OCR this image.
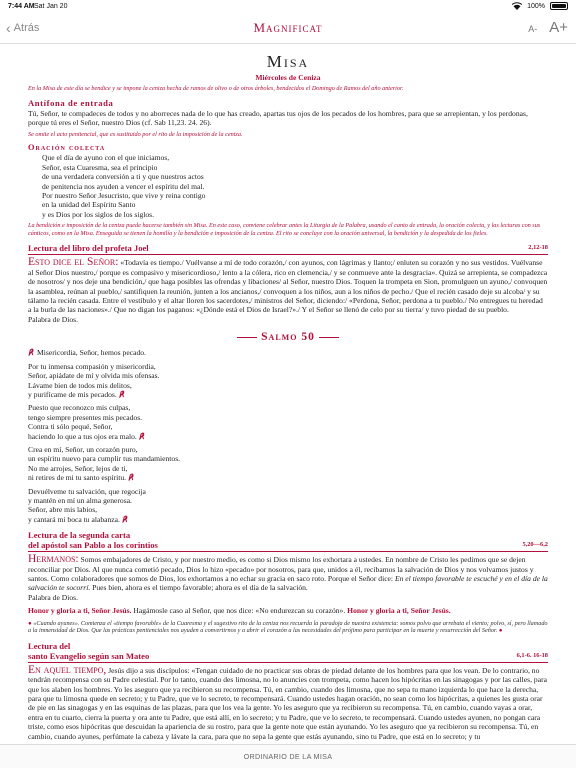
7:44 AM Sat Jan 20	100%
‹ Atrás	Magnificat	A- A+
Misa
Miércoles de Ceniza
En la Misa de este día se bendice y se impone la ceniza hecha de ramos de olivo o de otros árboles, bendecidos el Domingo de Ramos del año anterior.
Antífona de entrada
Tú, Señor, te compadeces de todos y no aborreces nada de lo que has creado, apartas tus ojos de los pecados de los hombres, para que se arrepientan, y los perdonas, porque tú eres el Señor, nuestro Dios (cf. Sab 11,23. 24. 26).
Se omite el acto penitencial, que es sustituido por el rito de la imposición de la ceniza.
Oración colecta
Que el día de ayuno con el que iniciamos,
Señor, esta Cuaresma, sea el principio
de una verdadera conversión a ti y que nuestros actos
de penitencia nos ayuden a vencer el espíritu del mal.
Por nuestro Señor Jesucristo, que vive y reina contigo
en la unidad del Espíritu Santo
y es Dios por los siglos de los siglos.
La bendición e imposición de la ceniza puede hacerse también sin Misa. En este caso, conviene celebrar antes la Liturgia de la Palabra, usando el canto de entrada, la oración colecta, y las lecturas con sus cánticos, como en la Misa. Enseguida se tienen la homilía y la bendición e imposición de la ceniza. El rito se concluye con la oración universal, la bendición y la despedida de los fieles.
Lectura del libro del profeta Joel	2,12-18
Esto dice el Señor: «Todavía es tiempo./ Vuélvanse a mí de todo corazón,/ con ayunos, con lágrimas y llanto;/ enluten su corazón y no sus vestidos. Vuélvanse al Señor Dios nuestro,/ porque es compasivo y misericordioso,/ lento a la cólera, rico en clemencia,/ y se conmueve ante la desgracia». Quizá se arrepienta, se compadezca de nosotros/ y nos deje una bendición,/ que haga posibles las ofrendas y libaciones/ al Señor, nuestro Dios. Toquen la trompeta en Sion, promulguen un ayuno,/ convoquen la asamblea, reúnan al pueblo,/ santifiquen la reunión, junten a los ancianos,/ convoquen a los niños, aun a los niños de pecho./ Que el recién casado deje su alcoba/ y su tálamo la recién casada. Entre el vestíbulo y el altar lloren los sacerdotes,/ ministros del Señor, diciendo:/ «Perdona, Señor, perdona a tu pueblo./ No entregues tu heredad a la burla de las naciones»./ Que no digan los paganos: «¿Dónde está el Dios de Israel?»./ Y el Señor se llenó de celo por su tierra/ y tuvo piedad de su pueblo.
Palabra de Dios.
Salmo 50
℟ Misericordia, Señor, hemos pecado.
Por tu inmensa compasión y misericordia,
Señor, apiádate de mí y olvida mis ofensas.
Lávame bien de todos mis delitos,
y purifícame de mis pecados. ℟
Puesto que reconozco mis culpas,
tengo siempre presentes mis pecados.
Contra ti sólo pequé, Señor,
haciendo lo que a tus ojos era malo. ℟
Crea en mí, Señor, un corazón puro,
un espíritu nuevo para cumplir tus mandamientos.
No me arrojes, Señor, lejos de ti,
ni retires de mi tu santo espíritu. ℟
Devuélveme tu salvación, que regocija
y mantén en mí un alma generosa.
Señor, abre mis labios,
y cantará mi boca tu alabanza. ℟
Lectura de la segunda carta
del apóstol san Pablo a los corintios	5,20—6,2
Hermanos: Somos embajadores de Cristo, y por nuestro medio, es como si Dios mismo los exhortara a ustedes. En nombre de Cristo les pedimos que se dejen reconciliar por Dios. Al que nunca cometió pecado, Dios lo hizo «pecado» por nosotros, para que, unidos a él, recibamos la salvación de Dios y nos volvamos justos y santos. Como colaboradores que somos de Dios, los exhortamos a no echar su gracia en saco roto. Porque el Señor dice: En el tiempo favorable te escuché y en el día de la salvación te socorrí. Pues bien, ahora es el tiempo favorable; ahora es el día de la salvación.
Palabra de Dios.
Honor y gloria a ti, Señor Jesús. Hagámosle caso al Señor, que nos dice: «No endurezcan su corazón». Honor y gloria a ti, Señor Jesús.
● «Cuando ayunes». Comienza el «tiempo favorable» de la Cuaresma y el sugestivo rito de la ceniza nos recuerda la paradoja de nuestra existencia: somos polvo que arrebata el viento; polvo, sí, pero llamado a la inmensidad de Dios. Que las prácticas penitenciales nos ayuden a convertirnos y a abrir el corazón a las necesidades del prójimo para participar en la muerte y resurrección del Señor. ●
Lectura del
santo Evangelio según san Mateo	6,1-6. 16-18
En aquel tiempo, Jesús dijo a sus discípulos: «Tengan cuidado de no practicar sus obras de piedad delante de los hombres para que los vean. De lo contrario, no tendrán recompensa con su Padre celestial. Por lo tanto, cuando des limosna, no lo anuncies con trompeta, como hacen los hipócritas en las sinagogas y por las calles, para que los alaben los hombres. Yo les aseguro que ya recibieron su recompensa. Tú, en cambio, cuando des limosna, que no sepa tu mano izquierda lo que hace la derecha, para que tu limosna quede en secreto; y tu Padre, que ve lo secreto, te recompensará. Cuando ustedes hagan oración, no sean como los hipócritas, a quienes les gusta orar de pie en las sinagogas y en las esquinas de las plazas, para que los vea la gente. Yo les aseguro que ya recibieron su recompensa. Tú, en cambio, cuando vayas a orar, entra en tu cuarto, cierra la puerta y ora ante tu Padre, que está allí, en lo secreto; y tu Padre, que ve lo secreto, te recompensará. Cuando ustedes ayunen, no pongan cara triste, como esos hipócritas que descuidan la apariencia de su rostro, para que la gente note que están ayunando. Yo les aseguro que ya recibieron su recompensa. Tú, en cambio, cuando ayunes, perfúmate la cabeza y lávate la cara, para que no sepa la gente que estás ayunando, sino tu Padre, que está en lo secreto; y tu
ORDINARIO DE LA MISA
